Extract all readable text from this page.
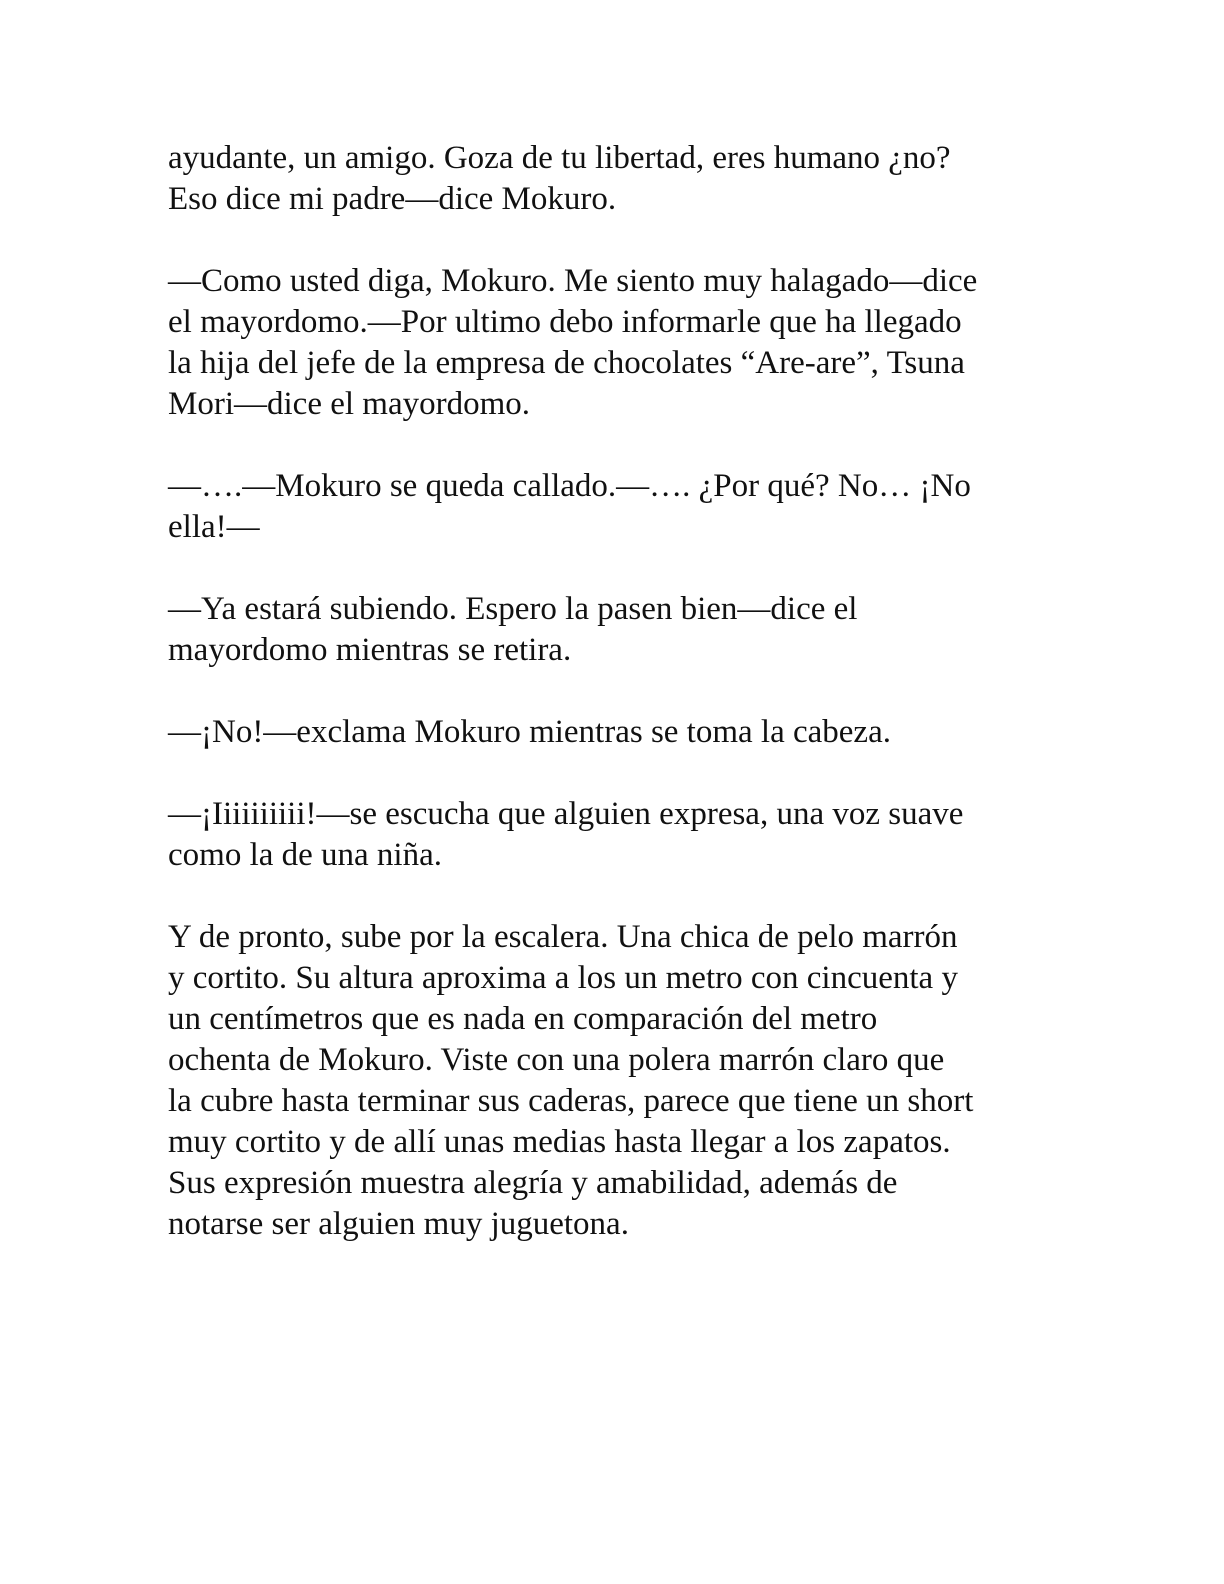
ayudante, un amigo. Goza de tu libertad, eres humano ¿no?
Eso dice mi padre—dice Mokuro.

—Como usted diga, Mokuro. Me siento muy halagado—dice
el mayordomo.—Por ultimo debo informarle que ha llegado
la hija del jefe de la empresa de chocolates “Are-are”, Tsuna
Mori—dice el mayordomo.

—….—Mokuro se queda callado.—…. ¿Por qué? No… ¡No
ella!—

—Ya estará subiendo. Espero la pasen bien—dice el
mayordomo mientras se retira.

—¡No!—exclama Mokuro mientras se toma la cabeza.

—¡Iiiiiiiiii!—se escucha que alguien expresa, una voz suave
como la de una niña.

Y de pronto, sube por la escalera. Una chica de pelo marrón
y cortito. Su altura aproxima a los un metro con cincuenta y
un centímetros que es nada en comparación del metro
ochenta de Mokuro. Viste con una polera marrón claro que
la cubre hasta terminar sus caderas, parece que tiene un short
muy cortito y de allí unas medias hasta llegar a los zapatos.
Sus expresión muestra alegría y amabilidad, además de
notarse ser alguien muy juguetona.
